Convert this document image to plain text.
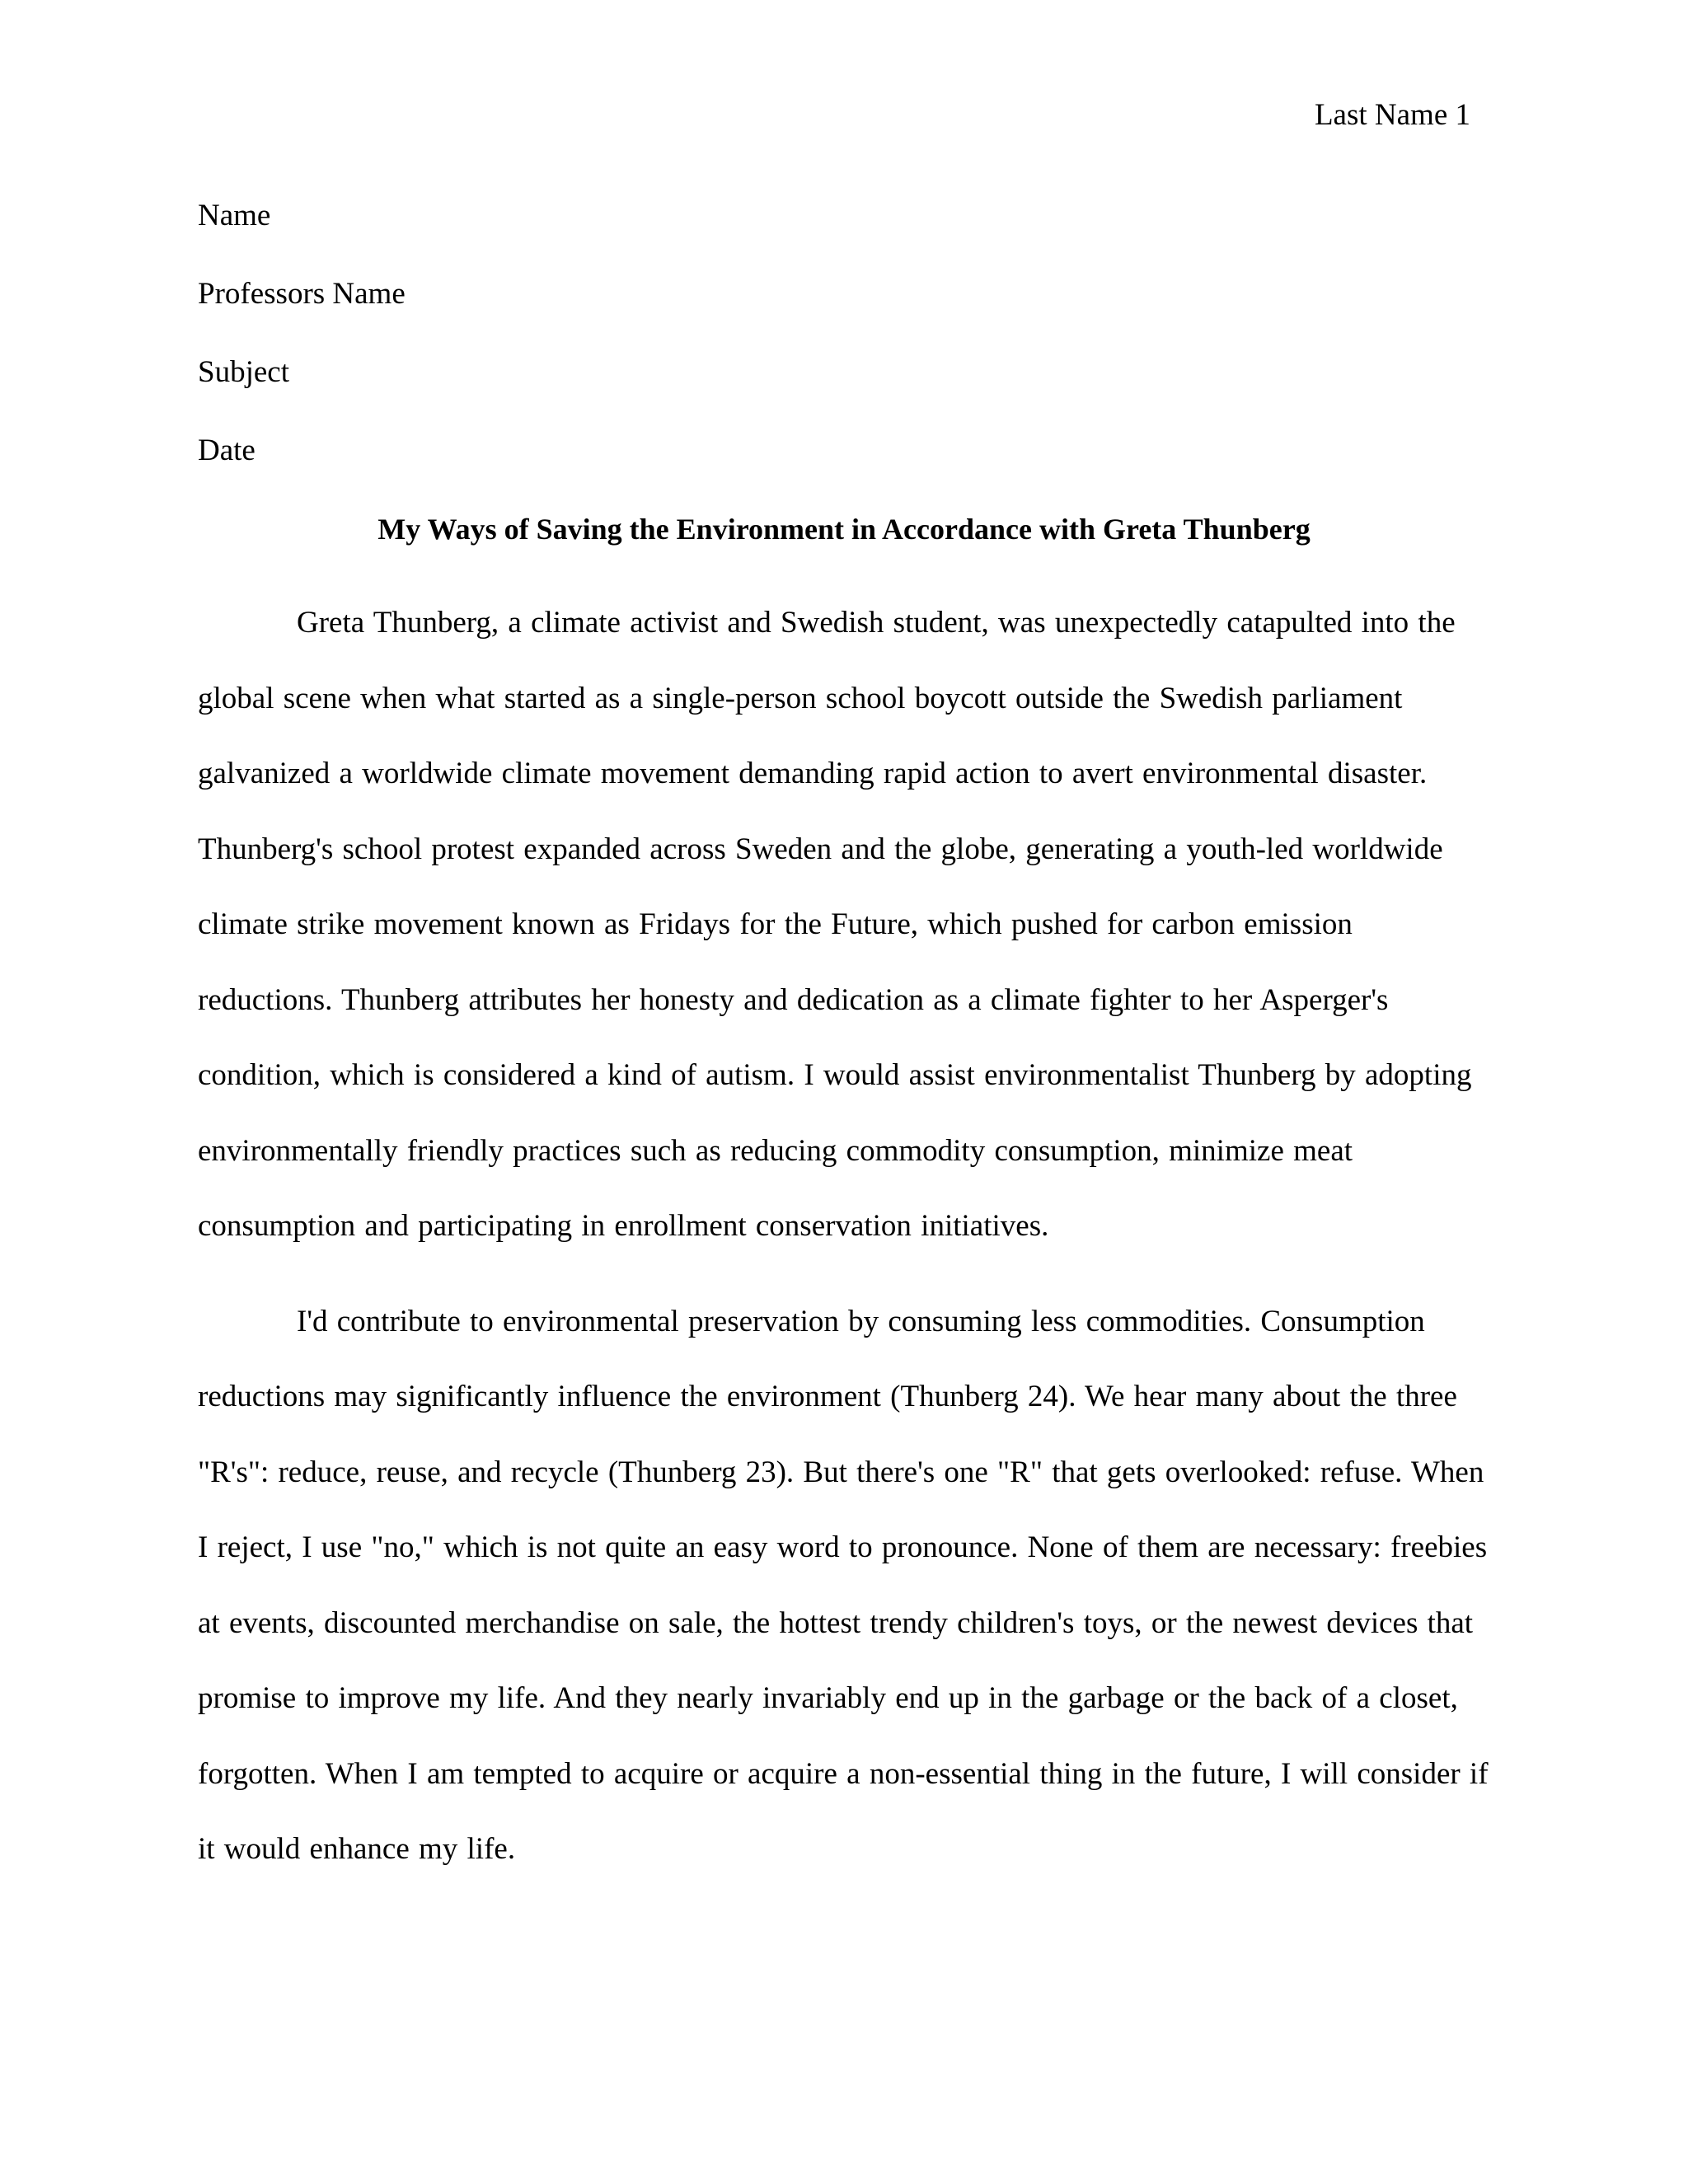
Last Name 1

Name

Professors Name

Subject

Date

My Ways of Saving the Environment in Accordance with Greta Thunberg

Greta Thunberg, a climate activist and Swedish student, was unexpectedly catapulted into the global scene when what started as a single-person school boycott outside the Swedish parliament galvanized a worldwide climate movement demanding rapid action to avert environmental disaster. Thunberg's school protest expanded across Sweden and the globe, generating a youth-led worldwide climate strike movement known as Fridays for the Future, which pushed for carbon emission reductions. Thunberg attributes her honesty and dedication as a climate fighter to her Asperger's condition, which is considered a kind of autism. I would assist environmentalist Thunberg by adopting environmentally friendly practices such as reducing commodity consumption, minimize meat consumption and participating in enrollment conservation initiatives.

I'd contribute to environmental preservation by consuming less commodities. Consumption reductions may significantly influence the environment (Thunberg 24). We hear many about the three "R's": reduce, reuse, and recycle (Thunberg 23). But there's one "R" that gets overlooked: refuse. When I reject, I use "no," which is not quite an easy word to pronounce. None of them are necessary: freebies at events, discounted merchandise on sale, the hottest trendy children's toys, or the newest devices that promise to improve my life. And they nearly invariably end up in the garbage or the back of a closet, forgotten. When I am tempted to acquire or acquire a non-essential thing in the future, I will consider if it would enhance my life.
